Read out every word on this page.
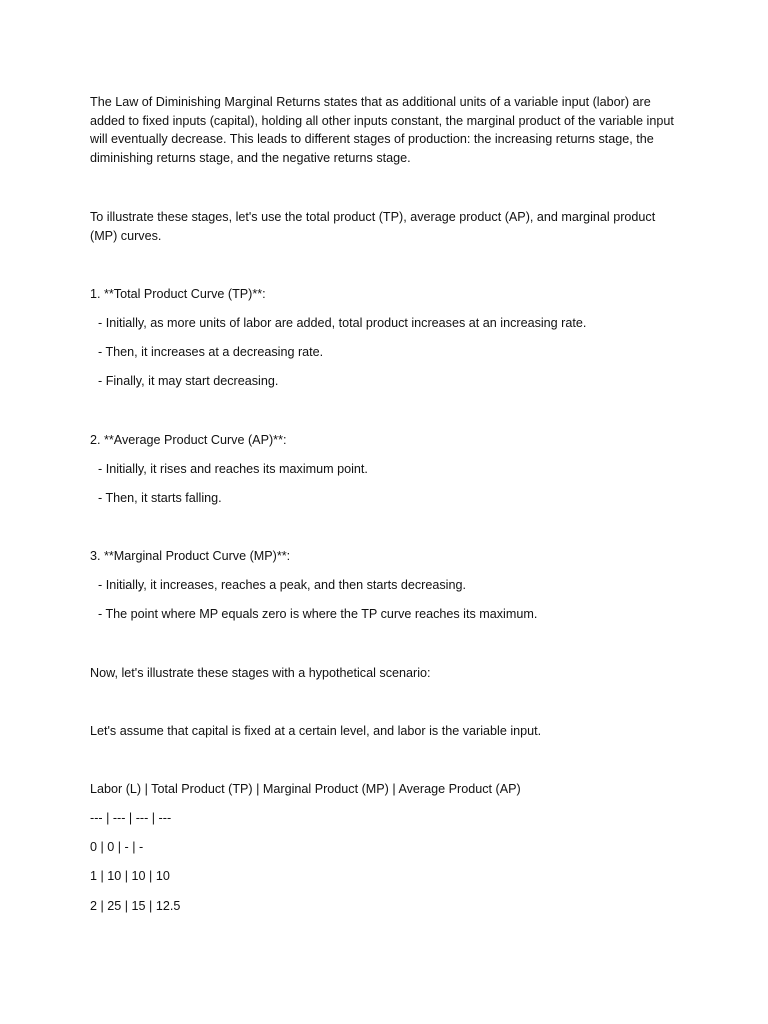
The Law of Diminishing Marginal Returns states that as additional units of a variable input (labor) are added to fixed inputs (capital), holding all other inputs constant, the marginal product of the variable input will eventually decrease. This leads to different stages of production: the increasing returns stage, the diminishing returns stage, and the negative returns stage.

To illustrate these stages, let's use the total product (TP), average product (AP), and marginal product (MP) curves.

1. **Total Product Curve (TP)**:
- Initially, as more units of labor are added, total product increases at an increasing rate.
- Then, it increases at a decreasing rate.
- Finally, it may start decreasing.
2. **Average Product Curve (AP)**:
- Initially, it rises and reaches its maximum point.
- Then, it starts falling.
3. **Marginal Product Curve (MP)**:
- Initially, it increases, reaches a peak, and then starts decreasing.
- The point where MP equals zero is where the TP curve reaches its maximum.
Now, let's illustrate these stages with a hypothetical scenario:
Let's assume that capital is fixed at a certain level, and labor is the variable input.
Labor (L) | Total Product (TP) | Marginal Product (MP) | Average Product (AP)
--- | --- | --- | ---
0 | 0 | - | -
1 | 10 | 10 | 10
2 | 25 | 15 | 12.5
